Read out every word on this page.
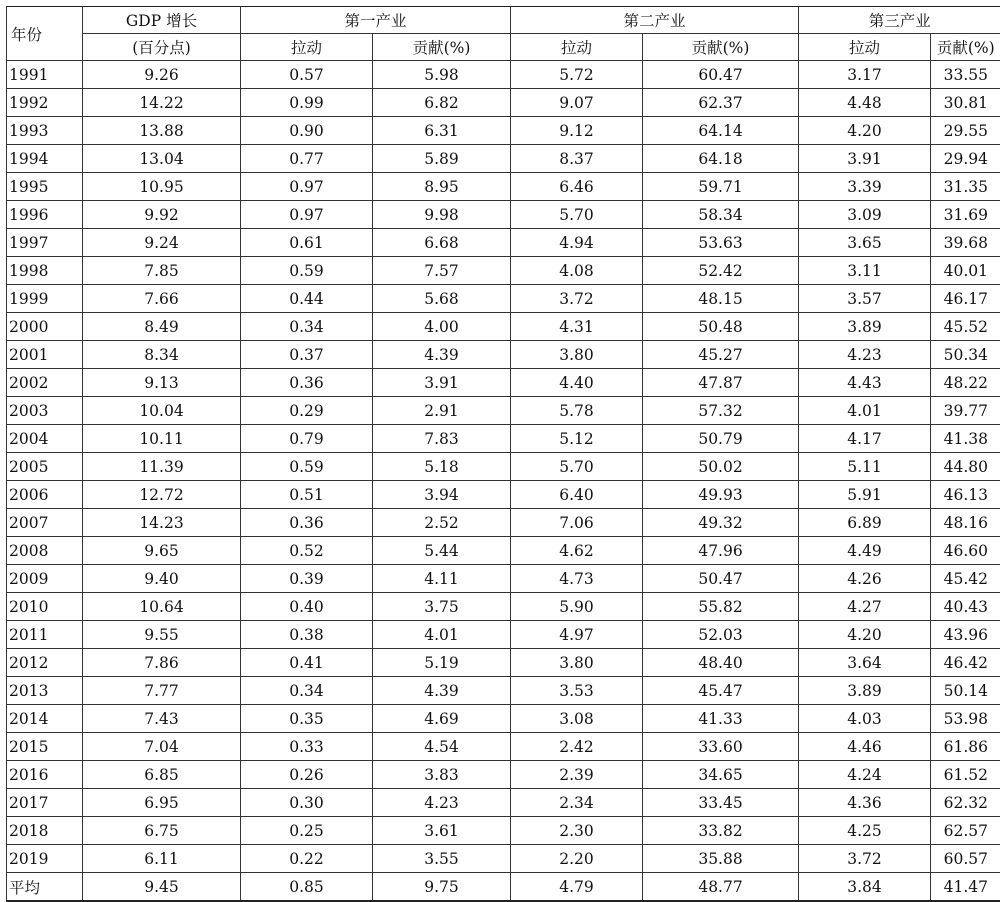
年份	GDP 增长	第一产业		第二产业		第三产业	
	(百分点)	拉动	贡献(%)	拉动	贡献(%)	拉动	贡献(%)
1991	9.26	0.57	5.98	5.72	60.47	3.17	33.55
1992	14.22	0.99	6.82	9.07	62.37	4.48	30.81
1993	13.88	0.90	6.31	9.12	64.14	4.20	29.55
1994	13.04	0.77	5.89	8.37	64.18	3.91	29.94
1995	10.95	0.97	8.95	6.46	59.71	3.39	31.35
1996	9.92	0.97	9.98	5.70	58.34	3.09	31.69
1997	9.24	0.61	6.68	4.94	53.63	3.65	39.68
1998	7.85	0.59	7.57	4.08	52.42	3.11	40.01
1999	7.66	0.44	5.68	3.72	48.15	3.57	46.17
2000	8.49	0.34	4.00	4.31	50.48	3.89	45.52
2001	8.34	0.37	4.39	3.80	45.27	4.23	50.34
2002	9.13	0.36	3.91	4.40	47.87	4.43	48.22
2003	10.04	0.29	2.91	5.78	57.32	4.01	39.77
2004	10.11	0.79	7.83	5.12	50.79	4.17	41.38
2005	11.39	0.59	5.18	5.70	50.02	5.11	44.80
2006	12.72	0.51	3.94	6.40	49.93	5.91	46.13
2007	14.23	0.36	2.52	7.06	49.32	6.89	48.16
2008	9.65	0.52	5.44	4.62	47.96	4.49	46.60
2009	9.40	0.39	4.11	4.73	50.47	4.26	45.42
2010	10.64	0.40	3.75	5.90	55.82	4.27	40.43
2011	9.55	0.38	4.01	4.97	52.03	4.20	43.96
2012	7.86	0.41	5.19	3.80	48.40	3.64	46.42
2013	7.77	0.34	4.39	3.53	45.47	3.89	50.14
2014	7.43	0.35	4.69	3.08	41.33	4.03	53.98
2015	7.04	0.33	4.54	2.42	33.60	4.46	61.86
2016	6.85	0.26	3.83	2.39	34.65	4.24	61.52
2017	6.95	0.30	4.23	2.34	33.45	4.36	62.32
2018	6.75	0.25	3.61	2.30	33.82	4.25	62.57
2019	6.11	0.22	3.55	2.20	35.88	3.72	60.57
平均	9.45	0.85	9.75	4.79	48.77	3.84	41.47
